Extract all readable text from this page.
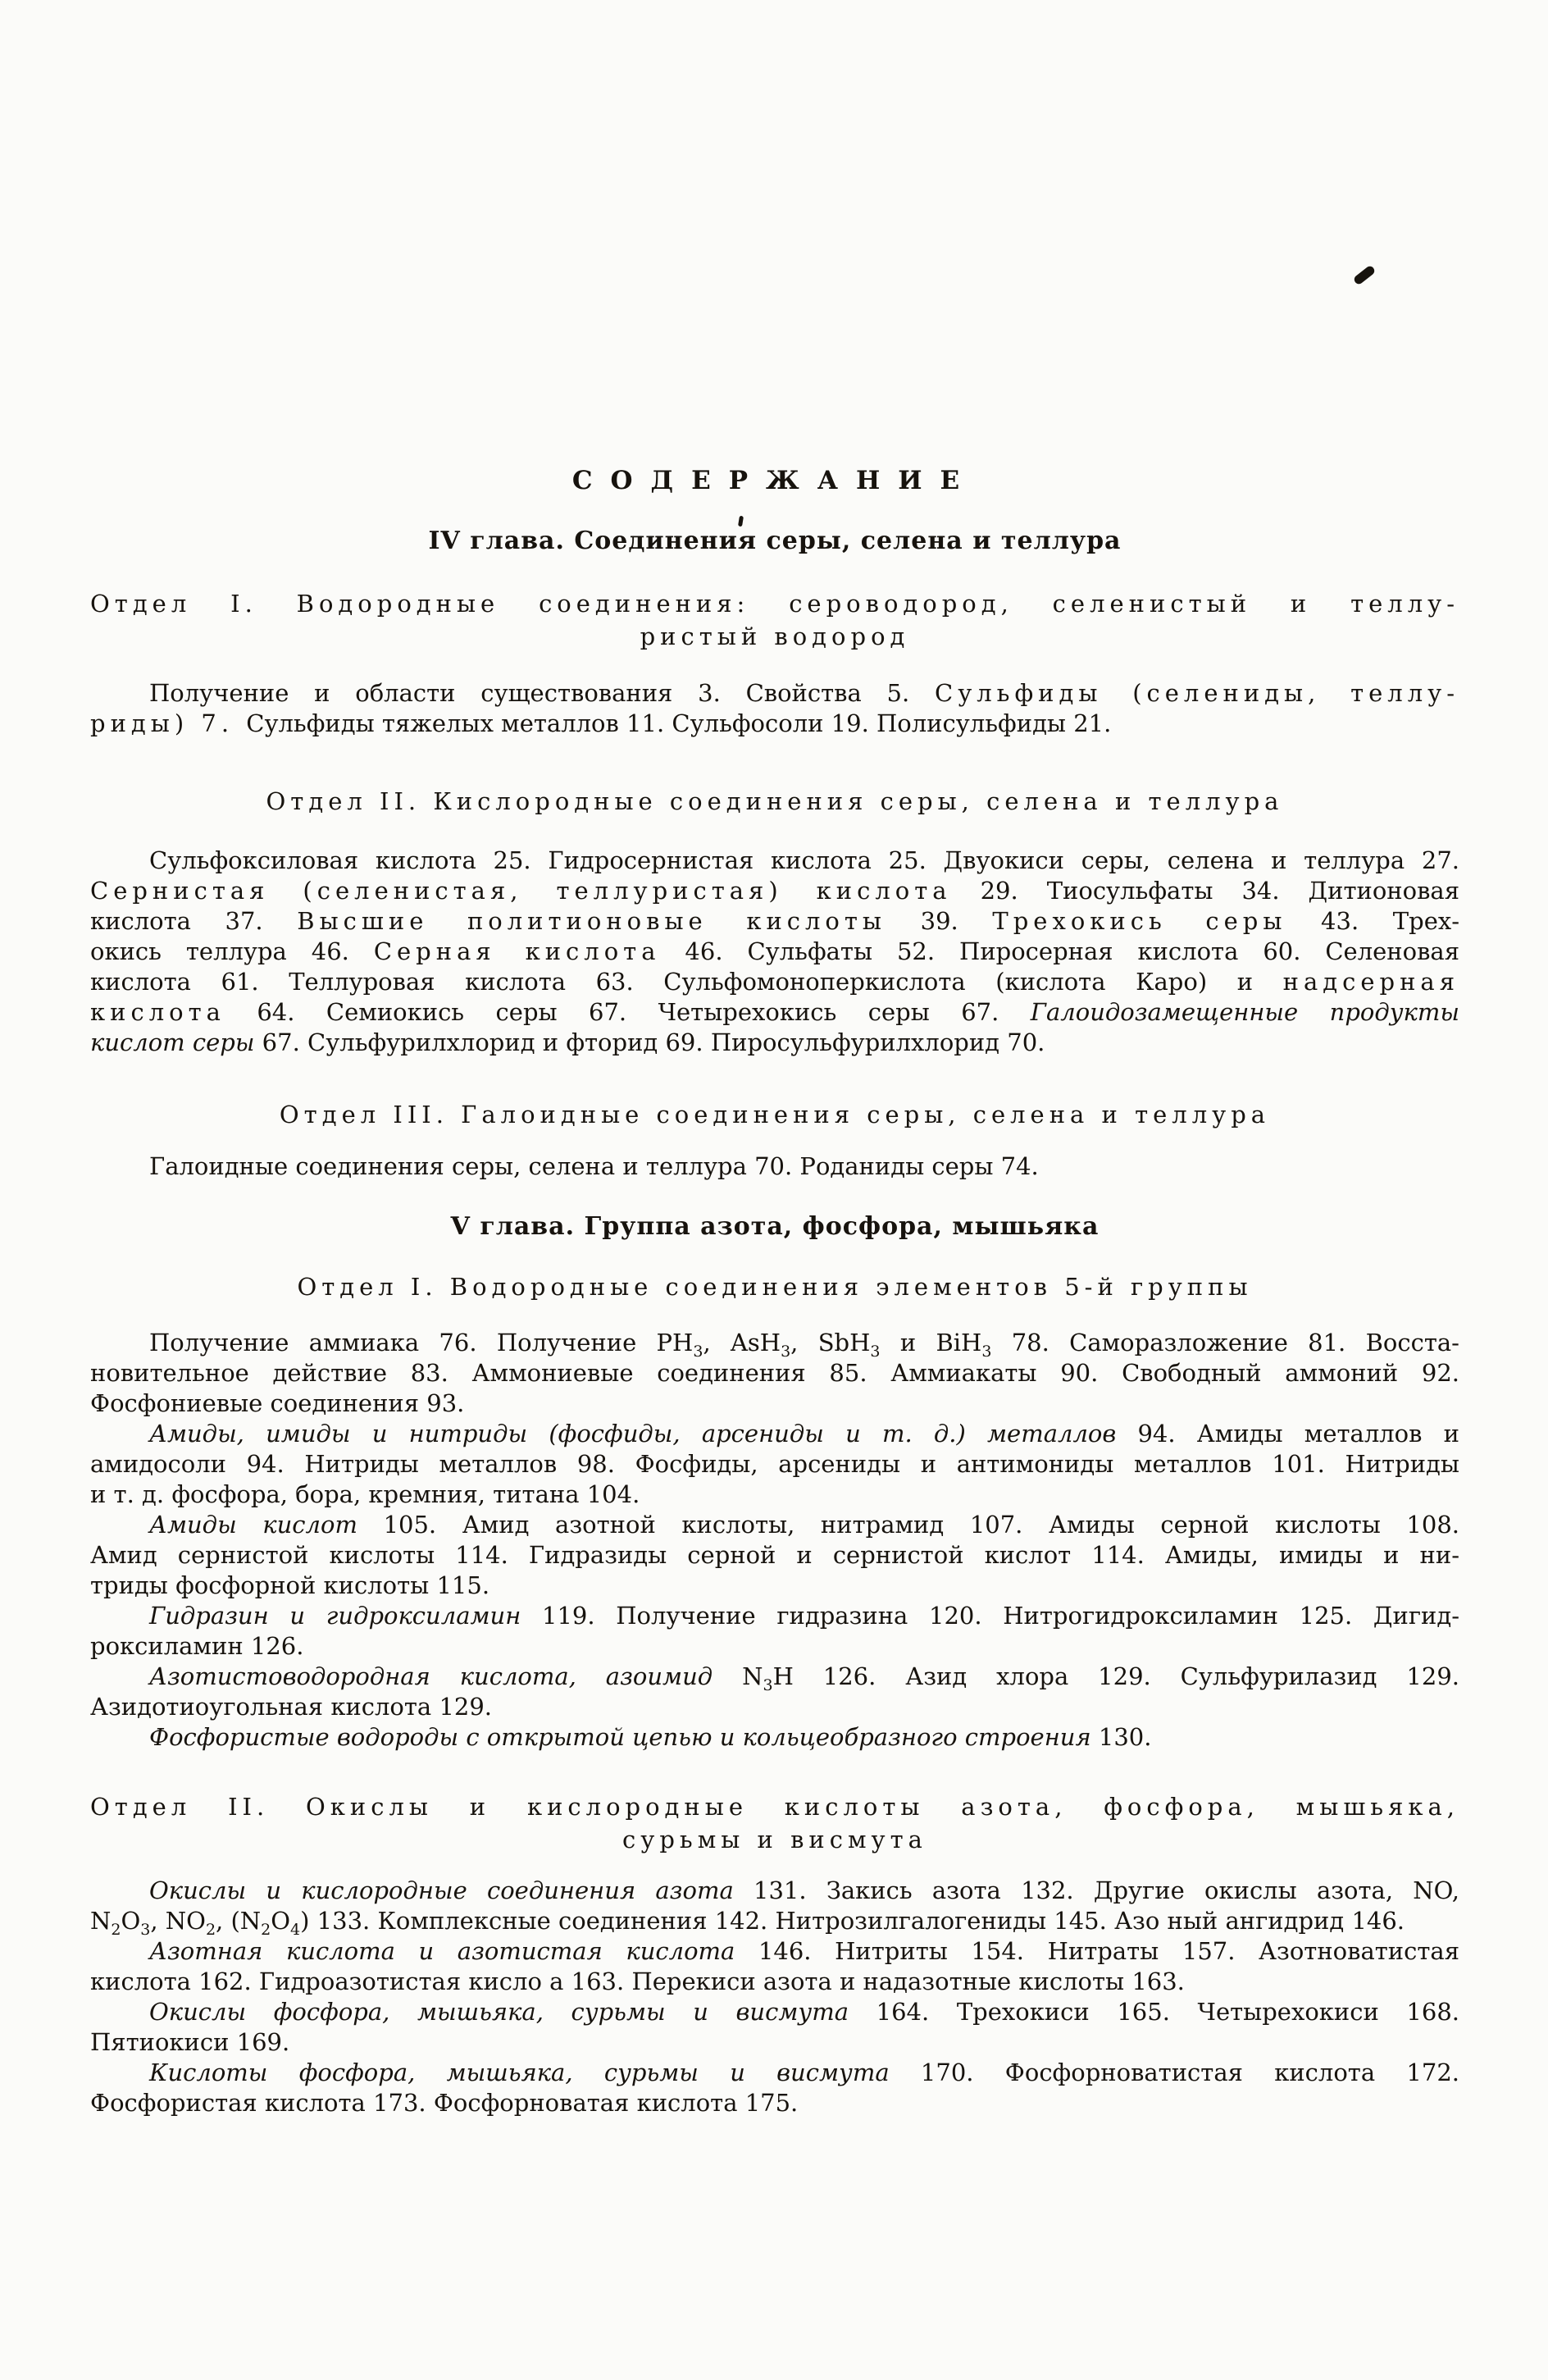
СОДЕРЖАНИЕ
IV глава. Соединения серы, селена и теллура
Отдел I. Водородные соединения: сероводород, селенистый и теллу-
ристый водород
Получение и области существования 3. Свойства 5. Сульфиды (селениды, теллу-
риды) 7. Сульфиды тяжелых металлов 11. Сульфосоли 19. Полисульфиды 21.
Отдел II. Кислородные соединения серы, селена и теллура
Сульфоксиловая кислота 25. Гидросернистая кислота 25. Двуокиси серы, селена и теллура 27.
Сернистая (селенистая, теллуристая) кислота 29. Тиосульфаты 34. Дитионовая
кислота 37. Высшие политионовые кислоты 39. Трехокись серы 43. Трех-
окись теллура 46. Серная кислота 46. Сульфаты 52. Пиросерная кислота 60. Селеновая
кислота 61. Теллуровая кислота 63. Сульфомоноперкислота (кислота Каро) и надсерная
кислота 64. Семиокись серы 67. Четырехокись серы 67. Галоидозамещенные продукты
кислот серы 67. Сульфурилхлорид и фторид 69. Пиросульфурилхлорид 70.
Отдел III. Галоидные соединения серы, селена и теллура
Галоидные соединения серы, селена и теллура 70. Роданиды серы 74.
V глава. Группа азота, фосфора, мышьяка
Отдел I. Водородные соединения элементов 5-й группы
Получение аммиака 76. Получение $PH_3$, AsH$_3$, SbH$_3$ и BiH$_3$ 78. Саморазложение 81. Восста-
новительное действие 83. Аммониевые соединения 85. Аммиакаты 90. Свободный аммоний 92.
Фосфониевые соединения 93.
Амиды, имиды и нитриды (фосфиды, арсениды и т. д.) металлов 94. Амиды металлов и
амидосоли 94. Нитриды металлов 98. Фосфиды, арсениды и антимониды металлов 101. Нитриды
и т. д. фосфора, бора, кремния, титана 104.
Амиды кислот 105. Амид азотной кислоты, нитрамид 107. Амиды серной кислоты 108.
Амид сернистой кислоты 114. Гидразиды серной и сернистой кислот 114. Амиды, имиды и ни-
триды фосфорной кислоты 115.
Гидразин и гидроксиламин 119. Получение гидразина 120. Нитрогидроксиламин 125. Дигид-
роксиламин 126.
Азотистоводородная кислота, азоимид $N_3H$ 126. Азид хлора 129. Сульфурилазид 129.
Азидотиоугольная кислота 129.
Фосфористые водороды с открытой цепью и кольцеобразного строения 130.
Отдел II. Окислы и кислородные кислоты азота, фосфора, мышьяка,
сурьмы и висмута
Окислы и кислородные соединения азота 131. Закись азота 132. Другие окислы азота, NO,
$N_2O_3$, $NO_2$, $(N_2O_4)$ 133. Комплексные соединения 142. Нитрозилгалогениды 145. Азо ный ангидрид 146.
Азотная кислота и азотистая кислота 146. Нитриты 154. Нитраты 157. Азотноватистая
кислота 162. Гидроазотистая кисло а 163. Перекиси азота и надазотные кислоты 163.
Окислы фосфора, мышьяка, сурьмы и висмута 164. Трехокиси 165. Четырехокиси 168.
Пятиокиси 169.
Кислоты фосфора, мышьяка, сурьмы и висмута 170. Фосфорноватистая кислота 172.
Фосфористая кислота 173. Фосфорноватая кислота 175.
